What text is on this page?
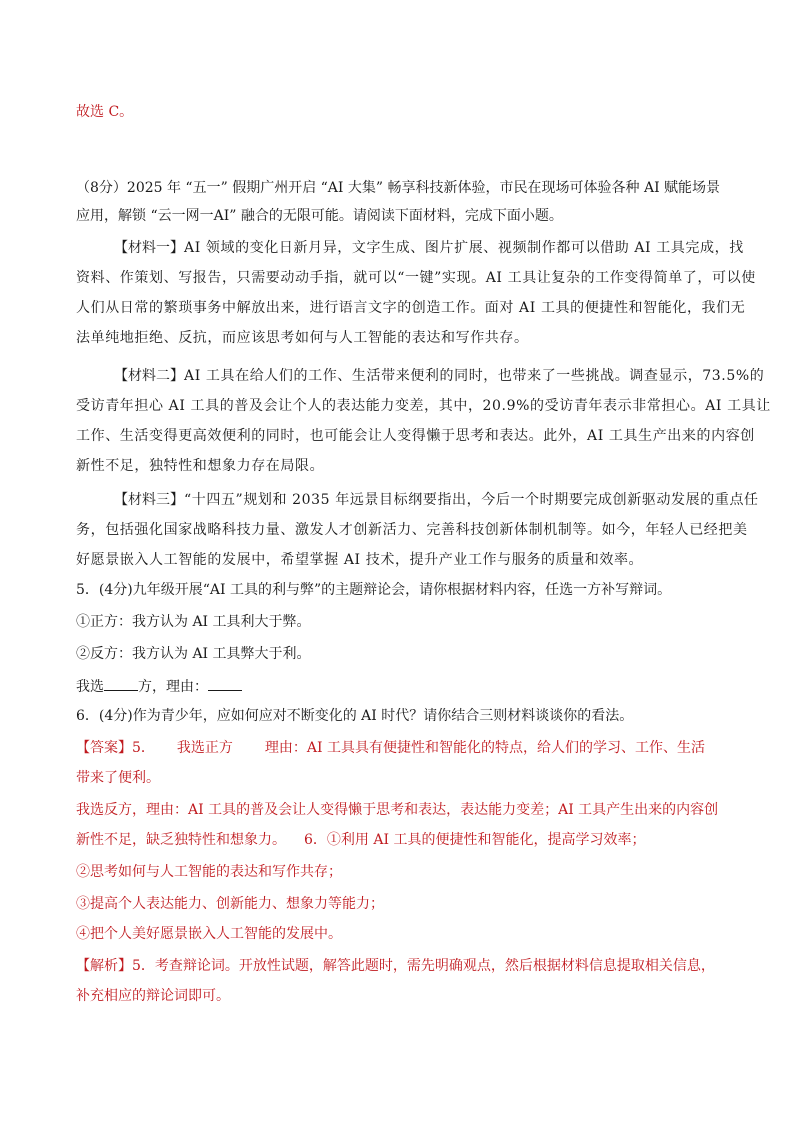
故选 C。
（8分）2025 年 “五一” 假期广州开启 “AI 大集” 畅享科技新体验，市民在现场可体验各种 AI 赋能场景
应用，解锁 “云一网一AI” 融合的无限可能。请阅读下面材料，完成下面小题。
【材料一】AI 领域的变化日新月异，文字生成、图片扩展、视频制作都可以借助 AI 工具完成，找
资料、作策划、写报告，只需要动动手指，就可以“一键”实现。AI 工具让复杂的工作变得简单了，可以使
人们从日常的繁琐事务中解放出来，进行语言文字的创造工作。面对 AI 工具的便捷性和智能化，我们无
法单纯地拒绝、反抗，而应该思考如何与人工智能的表达和写作共存。
【材料二】AI 工具在给人们的工作、生活带来便利的同时，也带来了一些挑战。调查显示，73.5%的
受访青年担心 AI 工具的普及会让个人的表达能力变差，其中，20.9%的受访青年表示非常担心。AI 工具让
工作、生活变得更高效便利的同时，也可能会让人变得懒于思考和表达。此外，AI 工具生产出来的内容创
新性不足，独特性和想象力存在局限。
【材料三】“十四五”规划和 2035 年远景目标纲要指出，今后一个时期要完成创新驱动发展的重点任
务，包括强化国家战略科技力量、激发人才创新活力、完善科技创新体制机制等。如今，年轻人已经把美
好愿景嵌入人工智能的发展中，希望掌握 AI 技术，提升产业工作与服务的质量和效率。
5．(4分)九年级开展“AI 工具的利与弊”的主题辩论会，请你根据材料内容，任选一方补写辩词。
①正方：我方认为 AI 工具利大于弊。
②反方：我方认为 AI 工具弊大于利。
我选 方，理由：
6．(4分)作为青少年，应如何应对不断变化的 AI 时代？请你结合三则材料谈谈你的看法。
【答案】5． 我选正方 理由：AI 工具具有便捷性和智能化的特点，给人们的学习、工作、生活
带来了便利。
我选反方，理由：AI 工具的普及会让人变得懒于思考和表达，表达能力变差；AI 工具产生出来的内容创
新性不足，缺乏独特性和想象力。 6．①利用 AI 工具的便捷性和智能化，提高学习效率；
②思考如何与人工智能的表达和写作共存；
③提高个人表达能力、创新能力、想象力等能力；
④把个人美好愿景嵌入人工智能的发展中。
【解析】5．考查辩论词。开放性试题，解答此题时，需先明确观点，然后根据材料信息提取相关信息，
补充相应的辩论词即可。
